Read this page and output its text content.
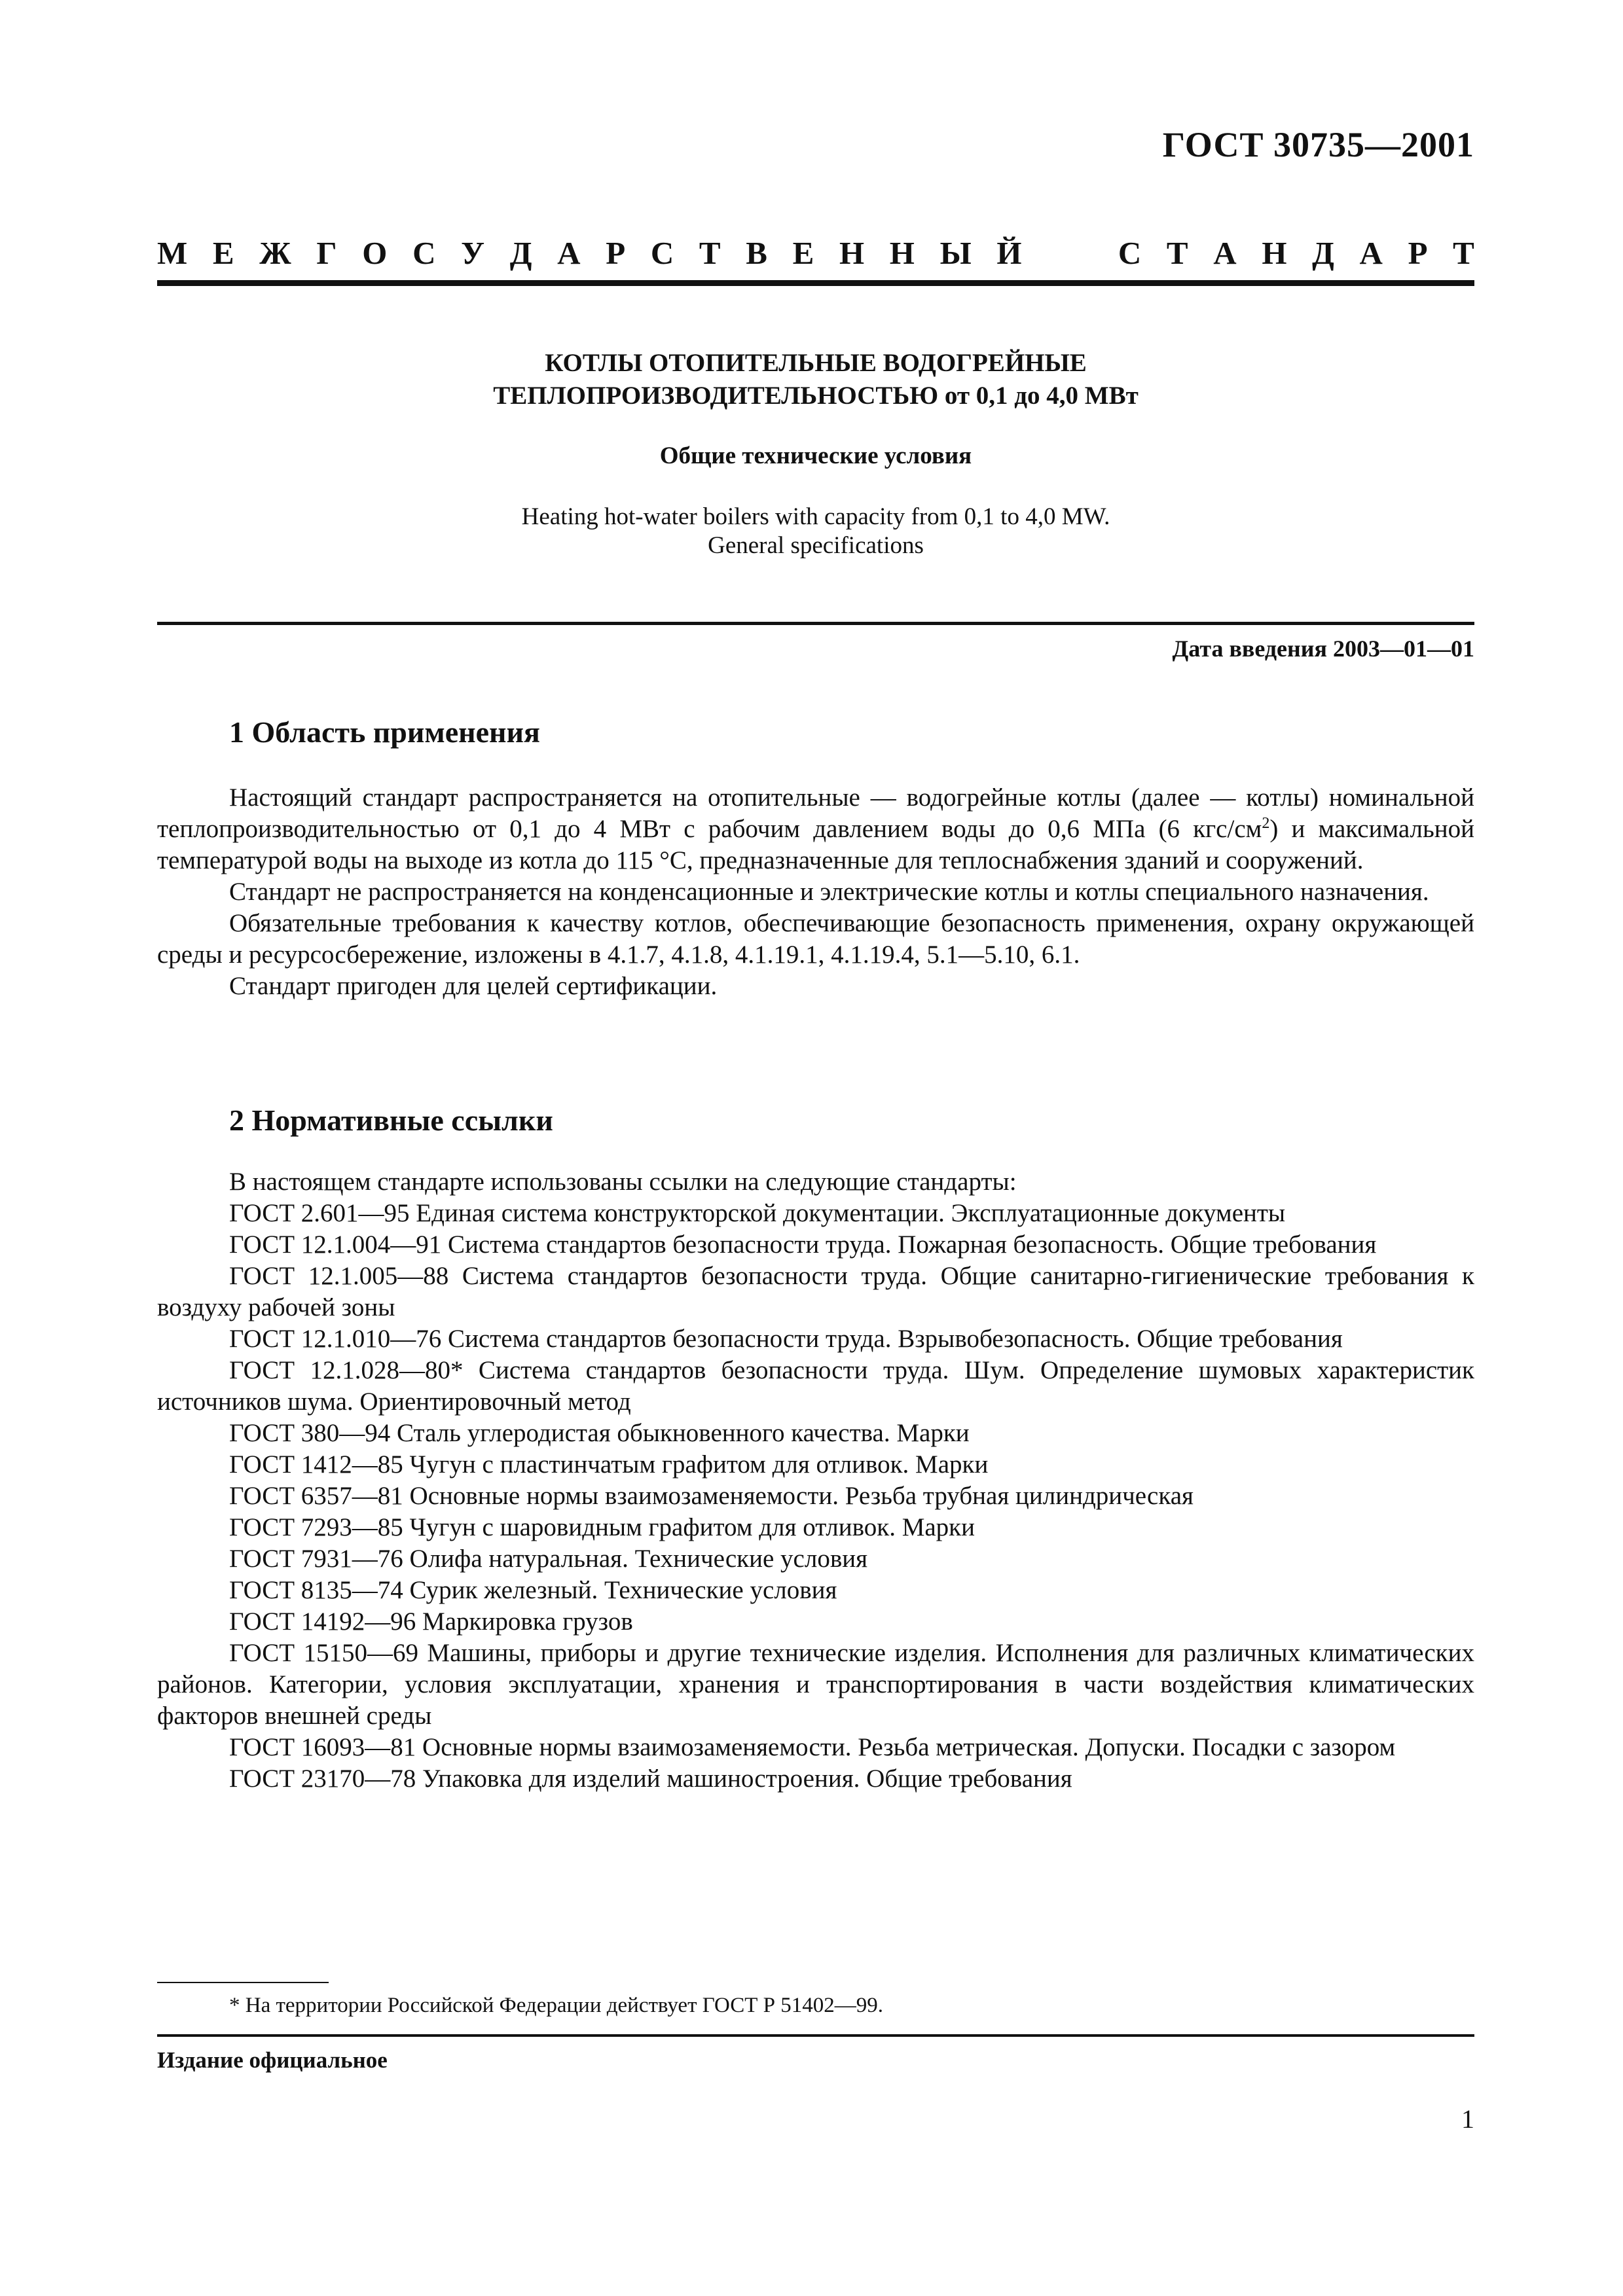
ГОСТ 30735—2001
М Е Ж Г О С У Д А Р С Т В Е Н Н Ы Й	С Т А Н Д А Р Т
КОТЛЫ ОТОПИТЕЛЬНЫЕ ВОДОГРЕЙНЫЕ
ТЕПЛОПРОИЗВОДИТЕЛЬНОСТЬЮ от 0,1 до 4,0 МВт
Общие технические условия
Heating hot-water boilers with capacity from 0,1 to 4,0 MW.
General specifications
Дата введения 2003—01—01
1 Область применения

Настоящий стандарт распространяется на отопительные — водогрейные котлы (далее — котлы) номинальной теплопроизводительностью от 0,1 до 4 МВт с рабочим давлением воды до 0,6 МПа (6 кгс/$см^2$) и максимальной температурой воды на выходе из котла до 115 °С, предназначенные для теплоснабжения зданий и сооружений.

Стандарт не распространяется на конденсационные и электрические котлы и котлы специального назначения.

Обязательные требования к качеству котлов, обеспечивающие безопасность применения, охрану окружающей среды и ресурсосбережение, изложены в 4.1.7, 4.1.8, 4.1.19.1, 4.1.19.4, 5.1—5.10, 6.1.

Стандарт пригоден для целей сертификации.

2 Нормативные ссылки

В настоящем стандарте использованы ссылки на следующие стандарты:

ГОСТ 2.601—95 Единая система конструкторской документации. Эксплуатационные документы

ГОСТ 12.1.004—91 Система стандартов безопасности труда. Пожарная безопасность. Общие требования

ГОСТ 12.1.005—88 Система стандартов безопасности труда. Общие санитарно-гигиенические требования к воздуху рабочей зоны

ГОСТ 12.1.010—76 Система стандартов безопасности труда. Взрывобезопасность. Общие требования

ГОСТ 12.1.028—80* Система стандартов безопасности труда. Шум. Определение шумовых характеристик источников шума. Ориентировочный метод

ГОСТ 380—94 Сталь углеродистая обыкновенного качества. Марки

ГОСТ 1412—85 Чугун с пластинчатым графитом для отливок. Марки

ГОСТ 6357—81 Основные нормы взаимозаменяемости. Резьба трубная цилиндрическая

ГОСТ 7293—85 Чугун с шаровидным графитом для отливок. Марки

ГОСТ 7931—76 Олифа натуральная. Технические условия

ГОСТ 8135—74 Сурик железный. Технические условия

ГОСТ 14192—96 Маркировка грузов

ГОСТ 15150—69 Машины, приборы и другие технические изделия. Исполнения для различных климатических районов. Категории, условия эксплуатации, хранения и транспортирования в части воздействия климатических факторов внешней среды

ГОСТ 16093—81 Основные нормы взаимозаменяемости. Резьба метрическая. Допуски. Посадки с зазором

ГОСТ 23170—78 Упаковка для изделий машиностроения. Общие требования

* На территории Российской Федерации действует ГОСТ Р 51402—99.
Издание официальное
1
